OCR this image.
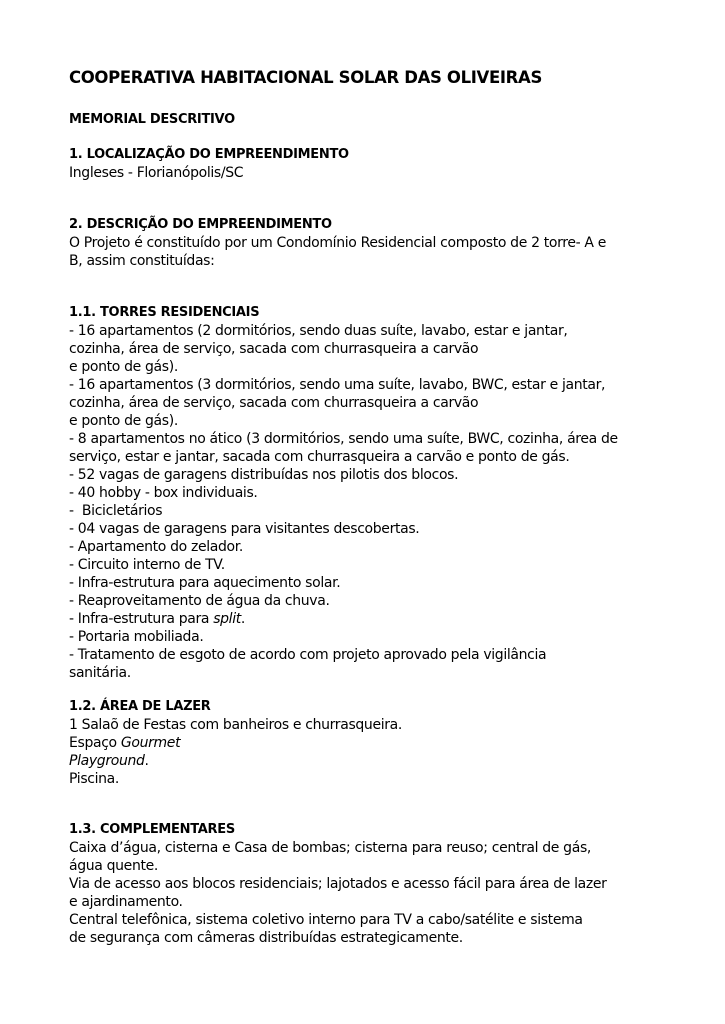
COOPERATIVA HABITACIONAL SOLAR DAS OLIVEIRAS
MEMORIAL DESCRITIVO
1. LOCALIZAÇÃO DO EMPREENDIMENTO
Ingleses - Florianópolis/SC
2. DESCRIÇÃO DO EMPREENDIMENTO
O Projeto é constituído por um Condomínio Residencial composto de 2 torre- A e
B, assim constituídas:
1.1. TORRES RESIDENCIAIS
- 16 apartamentos (2 dormitórios, sendo duas suíte, lavabo, estar e jantar,
cozinha, área de serviço, sacada com churrasqueira a carvão
e ponto de gás).
- 16 apartamentos (3 dormitórios, sendo uma suíte, lavabo, BWC, estar e jantar,
cozinha, área de serviço, sacada com churrasqueira a carvão
e ponto de gás).
- 8 apartamentos no ático (3 dormitórios, sendo uma suíte, BWC, cozinha, área de
serviço, estar e jantar, sacada com churrasqueira a carvão e ponto de gás.
- 52 vagas de garagens distribuídas nos pilotis dos blocos.
- 40 hobby - box individuais.
-  Bicicletários
- 04 vagas de garagens para visitantes descobertas.
- Apartamento do zelador.
- Circuito interno de TV.
- Infra-estrutura para aquecimento solar.
- Reaproveitamento de água da chuva.
- Infra-estrutura para split.
- Portaria mobiliada.
- Tratamento de esgoto de acordo com projeto aprovado pela vigilância
sanitária.
1.2. ÁREA DE LAZER
1 Salaõ de Festas com banheiros e churrasqueira.
Espaço Gourmet
Playground.
Piscina.
1.3. COMPLEMENTARES
Caixa d’água, cisterna e Casa de bombas; cisterna para reuso; central de gás,
água quente.
Via de acesso aos blocos residenciais; lajotados e acesso fácil para área de lazer
e ajardinamento.
Central telefônica, sistema coletivo interno para TV a cabo/satélite e sistema
de segurança com câmeras distribuídas estrategicamente.
